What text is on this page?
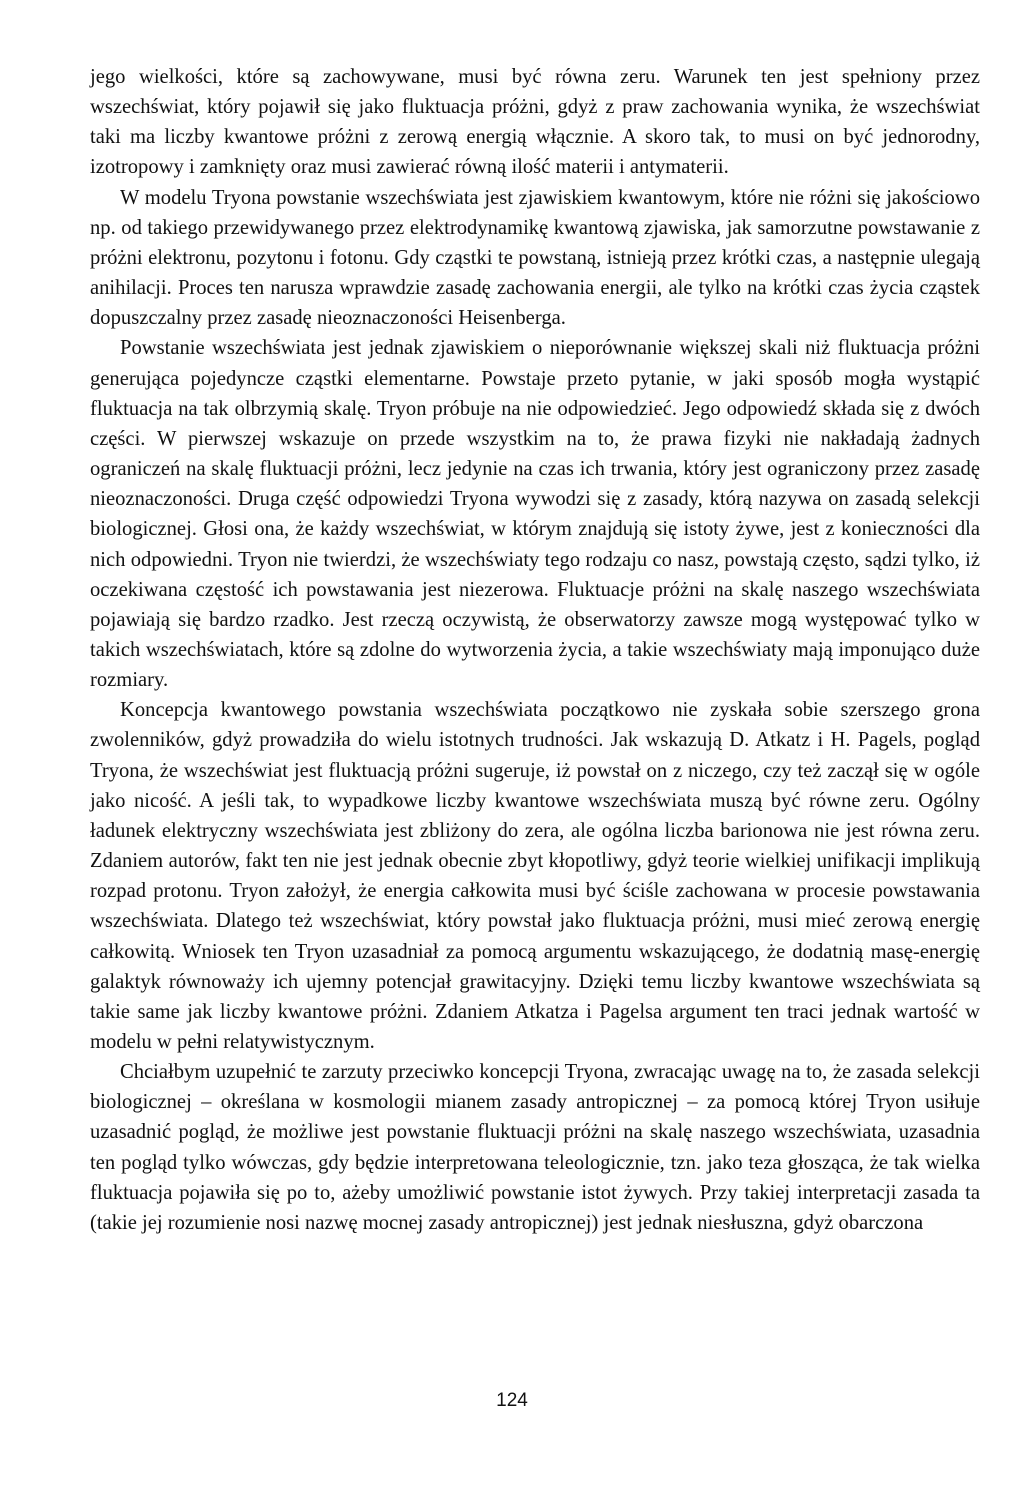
jego wielkości, które są zachowywane, musi być równa zeru. Warunek ten jest spełniony przez wszechświat, który pojawił się jako fluktuacja próżni, gdyż z praw zachowania wynika, że wszechświat taki ma liczby kwantowe próżni z zerową energią włącznie. A skoro tak, to musi on być jednorodny, izotropowy i zamknięty oraz musi zawierać równą ilość materii i antymaterii.

W modelu Tryona powstanie wszechświata jest zjawiskiem kwantowym, które nie różni się jakościowo np. od takiego przewidywanego przez elektrodynamikę kwantową zjawiska, jak samorzutne powstawanie z próżni elektronu, pozytonu i fotonu. Gdy cząstki te powstaną, istnieją przez krótki czas, a następnie ulegają anihilacji. Proces ten narusza wprawdzie zasadę zachowania energii, ale tylko na krótki czas życia cząstek dopuszczalny przez zasadę nieoznaczoności Heisenberga.

Powstanie wszechświata jest jednak zjawiskiem o nieporównanie większej skali niż fluktuacja próżni generująca pojedyncze cząstki elementarne. Powstaje przeto pytanie, w jaki sposób mogła wystąpić fluktuacja na tak olbrzymią skalę. Tryon próbuje na nie odpowiedzieć. Jego odpowiedź składa się z dwóch części. W pierwszej wskazuje on przede wszystkim na to, że prawa fizyki nie nakładają żadnych ograniczeń na skalę fluktuacji próżni, lecz jedynie na czas ich trwania, który jest ograniczony przez zasadę nieoznaczoności. Druga część odpowiedzi Tryona wywodzi się z zasady, którą nazywa on zasadą selekcji biologicznej. Głosi ona, że każdy wszechświat, w którym znajdują się istoty żywe, jest z konieczności dla nich odpowiedni. Tryon nie twierdzi, że wszechświaty tego rodzaju co nasz, powstają często, sądzi tylko, iż oczekiwana częstość ich powstawania jest niezerowa. Fluktuacje próżni na skalę naszego wszechświata pojawiają się bardzo rzadko. Jest rzeczą oczywistą, że obserwatorzy zawsze mogą występować tylko w takich wszechświatach, które są zdolne do wytworzenia życia, a takie wszechświaty mają imponująco duże rozmiary.

Koncepcja kwantowego powstania wszechświata początkowo nie zyskała sobie szerszego grona zwolenników, gdyż prowadziła do wielu istotnych trudności. Jak wskazują D. Atkatz i H. Pagels, pogląd Tryona, że wszechświat jest fluktuacją próżni sugeruje, iż powstał on z niczego, czy też zaczął się w ogóle jako nicość. A jeśli tak, to wypadkowe liczby kwantowe wszechświata muszą być równe zeru. Ogólny ładunek elektryczny wszechświata jest zbliżony do zera, ale ogólna liczba barionowa nie jest równa zeru. Zdaniem autorów, fakt ten nie jest jednak obecnie zbyt kłopotliwy, gdyż teorie wielkiej unifikacji implikują rozpad protonu. Tryon założył, że energia całkowita musi być ściśle zachowana w procesie powstawania wszechświata. Dlatego też wszechświat, który powstał jako fluktuacja próżni, musi mieć zerową energię całkowitą. Wniosek ten Tryon uzasadniał za pomocą argumentu wskazującego, że dodatnią masę-energię galaktyk równoważy ich ujemny potencjał grawitacyjny. Dzięki temu liczby kwantowe wszechświata są takie same jak liczby kwantowe próżni. Zdaniem Atkatza i Pagelsa argument ten traci jednak wartość w modelu w pełni relatywistycznym.

Chciałbym uzupełnić te zarzuty przeciwko koncepcji Tryona, zwracając uwagę na to, że zasada selekcji biologicznej – określana w kosmologii mianem zasady antropicznej – za pomocą której Tryon usiłuje uzasadnić pogląd, że możliwe jest powstanie fluktuacji próżni na skalę naszego wszechświata, uzasadnia ten pogląd tylko wówczas, gdy będzie interpretowana teleologicznie, tzn. jako teza głosząca, że tak wielka fluktuacja pojawiła się po to, ażeby umożliwić powstanie istot żywych. Przy takiej interpretacji zasada ta (takie jej rozumienie nosi nazwę mocnej zasady antropicznej) jest jednak niesłuszna, gdyż obarczona

124
